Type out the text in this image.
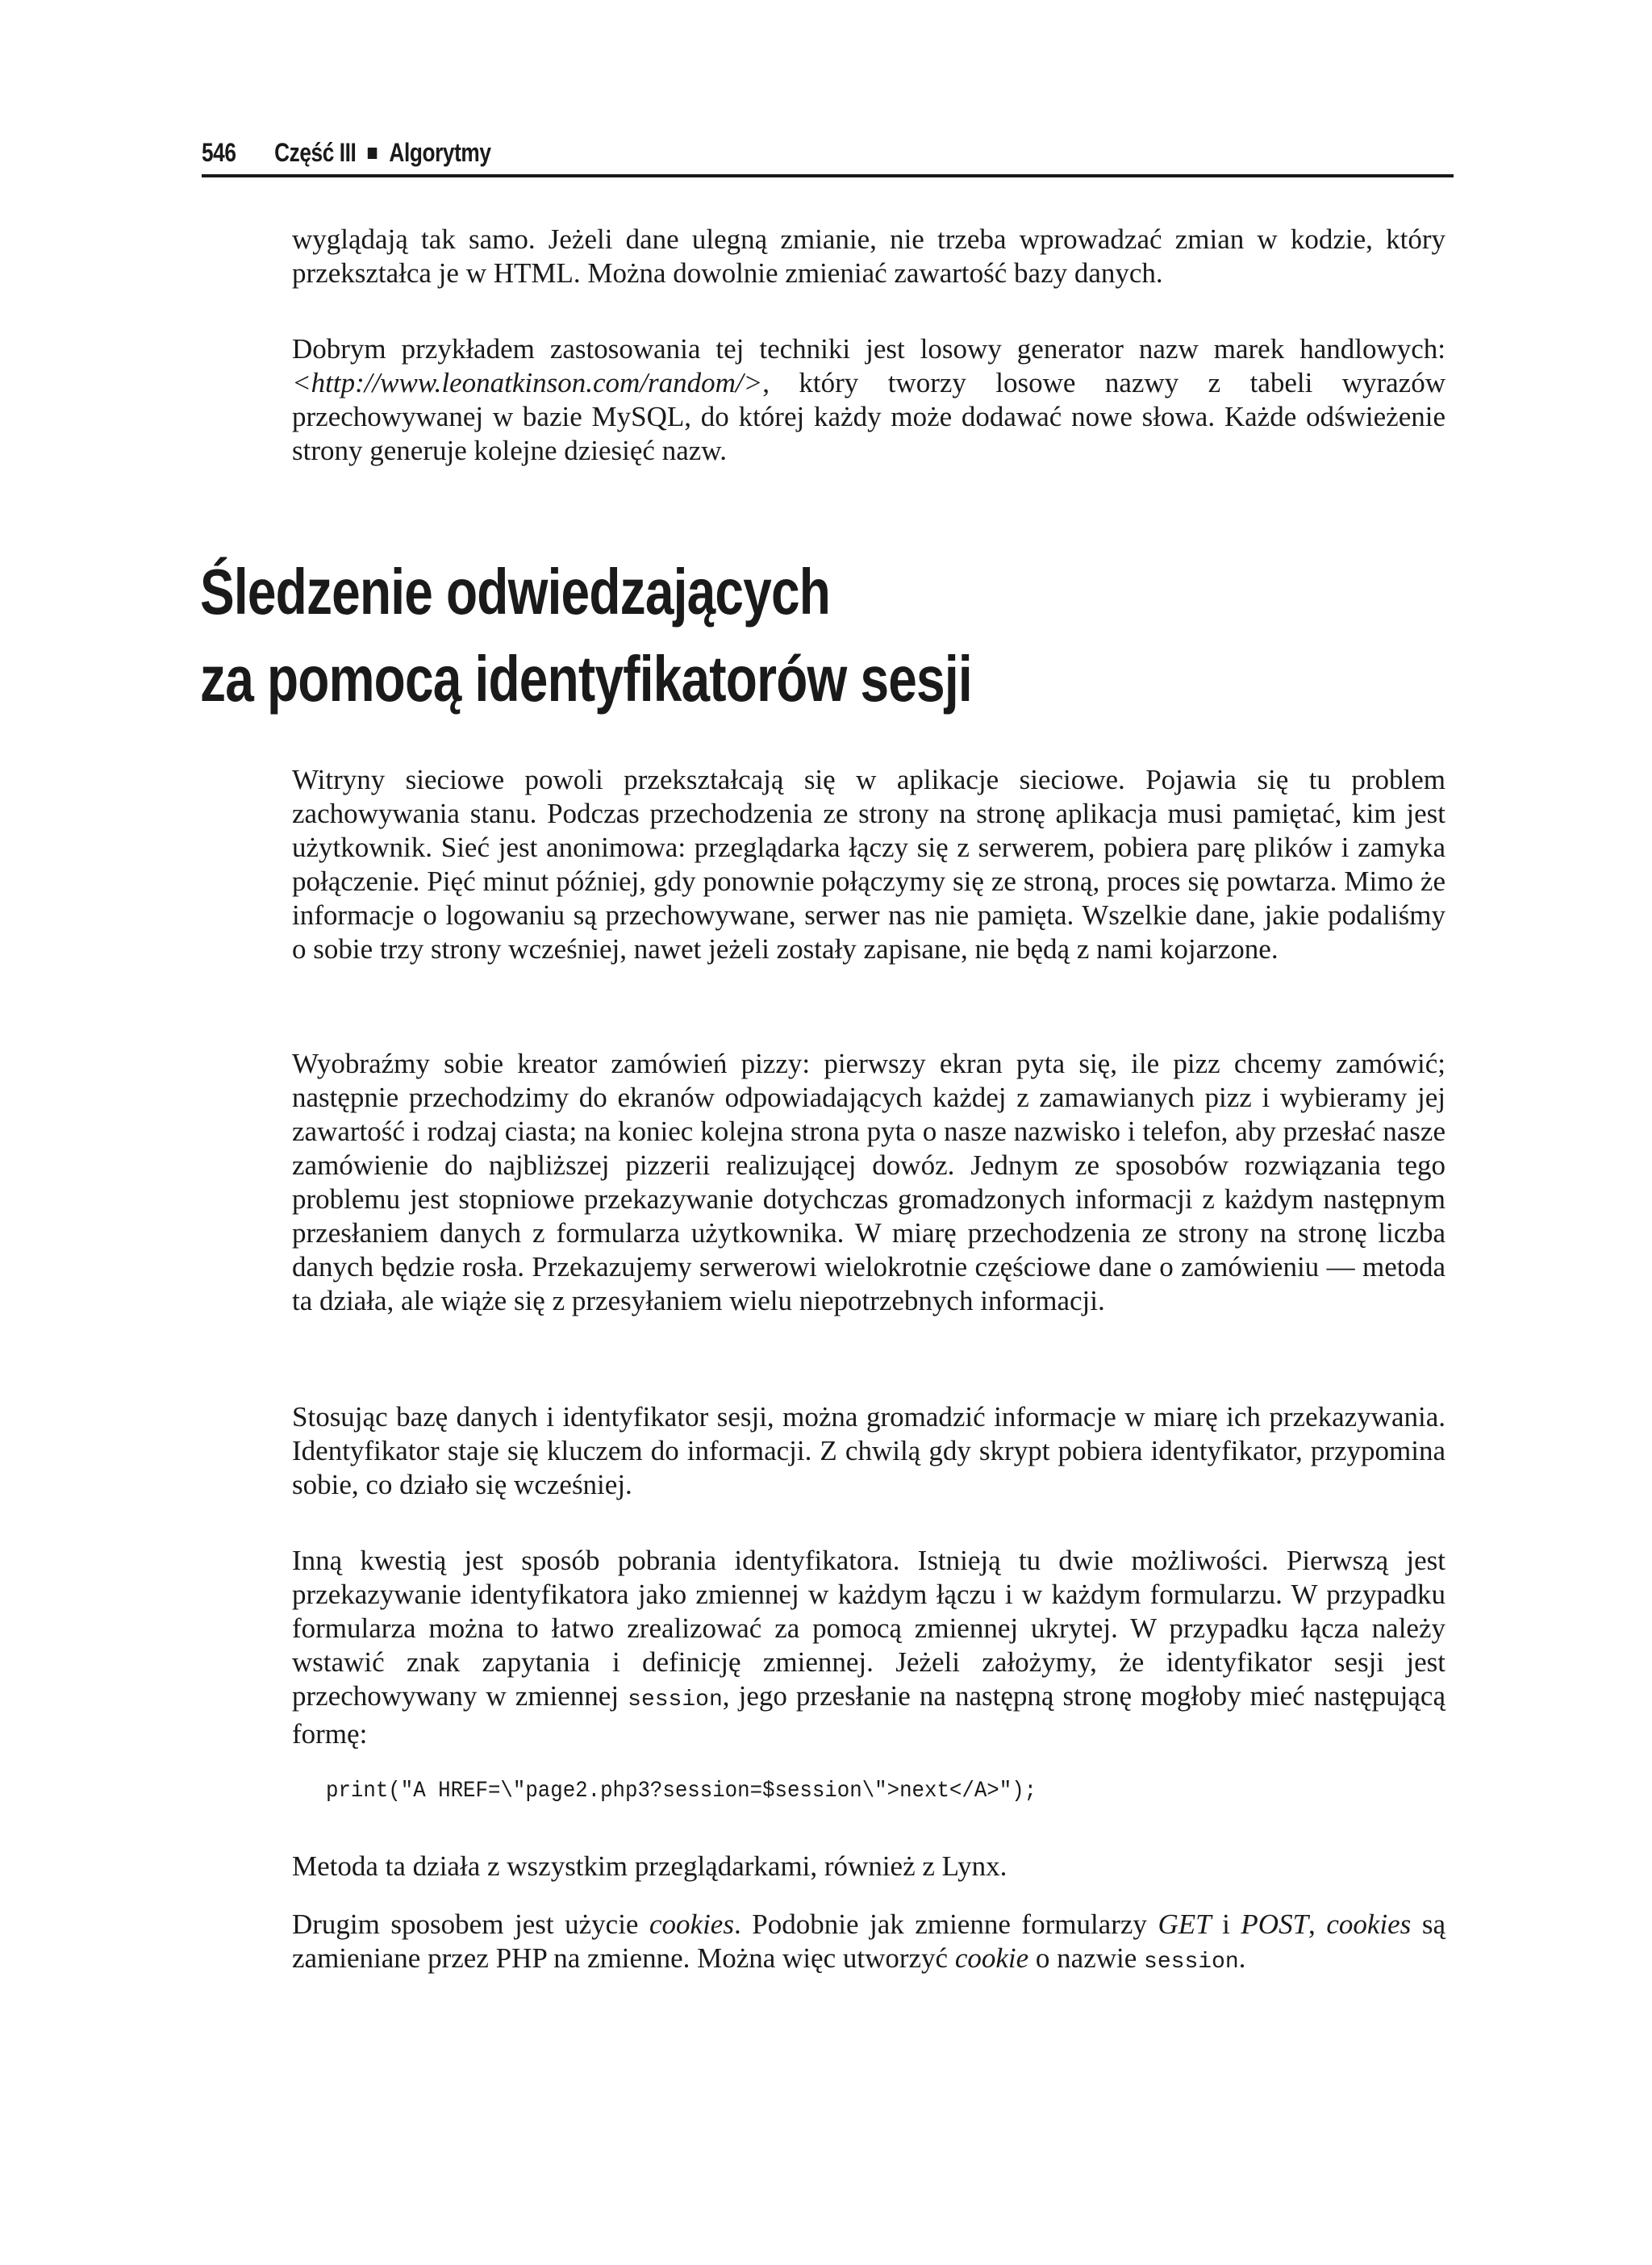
546 Część III Algorytmy

wyglądają tak samo. Jeżeli dane ulegną zmianie, nie trzeba wprowadzać zmian w kodzie, który przekształca je w HTML. Można dowolnie zmieniać zawartość bazy danych.

Dobrym przykładem zastosowania tej techniki jest losowy generator nazw marek handlowych: <http://www.leonatkinson.com/random/>, który tworzy losowe nazwy z tabeli wyrazów przechowywanej w bazie MySQL, do której każdy może dodawać nowe słowa. Każde odświeżenie strony generuje kolejne dziesięć nazw.

Śledzenie odwiedzających
za pomocą identyfikatorów sesji

Witryny sieciowe powoli przekształcają się w aplikacje sieciowe. Pojawia się tu problem zachowywania stanu. Podczas przechodzenia ze strony na stronę aplikacja musi pamiętać, kim jest użytkownik. Sieć jest anonimowa: przeglądarka łączy się z serwerem, pobiera parę plików i zamyka połączenie. Pięć minut później, gdy ponownie połączymy się ze stroną, proces się powtarza. Mimo że informacje o logowaniu są przechowywane, serwer nas nie pamięta. Wszelkie dane, jakie podaliśmy o sobie trzy strony wcześniej, nawet jeżeli zostały zapisane, nie będą z nami kojarzone.

Wyobraźmy sobie kreator zamówień pizzy: pierwszy ekran pyta się, ile pizz chcemy zamówić; następnie przechodzimy do ekranów odpowiadających każdej z zamawianych pizz i wybieramy jej zawartość i rodzaj ciasta; na koniec kolejna strona pyta o nasze nazwisko i telefon, aby przesłać nasze zamówienie do najbliższej pizzerii realizującej dowóz. Jednym ze sposobów rozwiązania tego problemu jest stopniowe przekazywanie dotychczas gromadzonych informacji z każdym następnym przesłaniem danych z formularza użytkownika. W miarę przechodzenia ze strony na stronę liczba danych będzie rosła. Przekazujemy serwerowi wielokrotnie częściowe dane o zamówieniu — metoda ta działa, ale wiąże się z przesyłaniem wielu niepotrzebnych informacji.

Stosując bazę danych i identyfikator sesji, można gromadzić informacje w miarę ich przekazywania. Identyfikator staje się kluczem do informacji. Z chwilą gdy skrypt pobiera identyfikator, przypomina sobie, co działo się wcześniej.

Inną kwestią jest sposób pobrania identyfikatora. Istnieją tu dwie możliwości. Pierwszą jest przekazywanie identyfikatora jako zmiennej w każdym łączu i w każdym formularzu. W przypadku formularza można to łatwo zrealizować za pomocą zmiennej ukrytej. W przypadku łącza należy wstawić znak zapytania i definicję zmiennej. Jeżeli założymy, że identyfikator sesji jest przechowywany w zmiennej session, jego przesłanie na następną stronę mogłoby mieć następującą formę:

print("A HREF=\"page2.php3?session=$session\">next</A>");

Metoda ta działa z wszystkim przeglądarkami, również z Lynx.

Drugim sposobem jest użycie cookies. Podobnie jak zmienne formularzy GET i POST, cookies są zamieniane przez PHP na zmienne. Można więc utworzyć cookie o nazwie session.
